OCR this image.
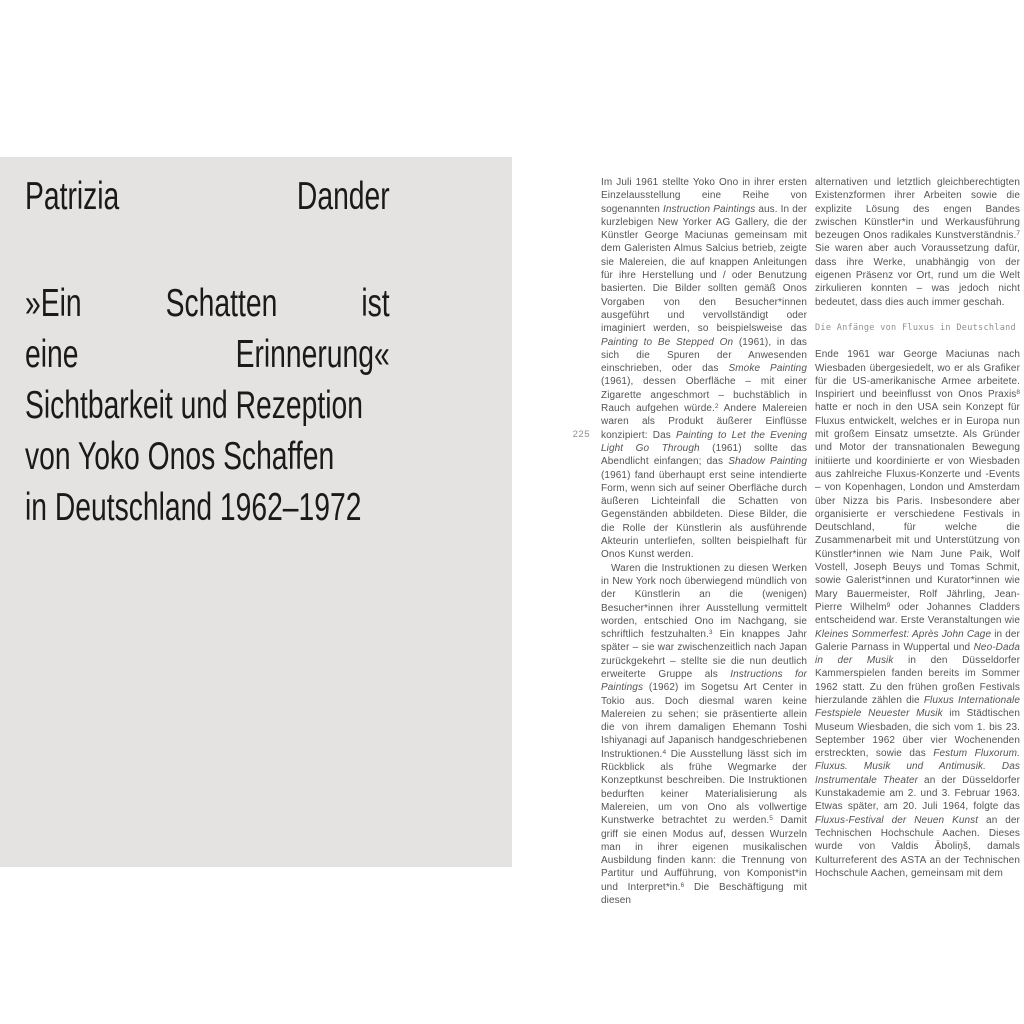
Patrizia	Dander
»Ein Schatten ist
eine	Erinnerung«
Sichtbarkeit und Rezeption
von Yoko Onos Schaffen
in Deutschland 1962–1972
225

Im Juli 1961 stellte Yoko Ono in ihrer ersten Einzelausstellung eine Reihe von sogenannten Instruction Paintings aus. In der kurzlebigen New Yorker AG Gallery, die der Künstler George Maciunas gemeinsam mit dem Galeristen Almus Salcius betrieb, zeigte sie Malereien, die auf knappen Anleitungen für ihre Herstellung und / oder Benutzung basierten. Die Bilder sollten gemäß Onos Vorgaben von den Besucher*innen ausgeführt und vervollständigt oder imaginiert werden, so beispielsweise das Painting to Be Stepped On (1961), in das sich die Spuren der Anwesenden einschrieben, oder das Smoke Painting (1961), dessen Oberfläche – mit einer Zigarette angeschmort – buchstäblich in Rauch aufgehen würde.$^2$ Andere Malereien waren als Produkt äußerer Einflüsse konzipiert: Das Painting to Let the Evening Light Go Through (1961) sollte das Abendlicht einfangen; das Shadow Painting (1961) fand überhaupt erst seine intendierte Form, wenn sich auf seiner Oberfläche durch äußeren Lichteinfall die Schatten von Gegenständen abbildeten. Diese Bilder, die die Rolle der Künstlerin als ausführende Akteurin unterliefen, sollten beispielhaft für Onos Kunst werden.

Waren die Instruktionen zu diesen Werken in New York noch überwiegend mündlich von der Künstlerin an die (wenigen) Besucher*innen ihrer Ausstellung vermittelt worden, entschied Ono im Nachgang, sie schriftlich festzuhalten.$^3$ Ein knappes Jahr später – sie war zwischenzeitlich nach Japan zurückgekehrt – stellte sie die nun deutlich erweiterte Gruppe als Instructions for Paintings (1962) im Sogetsu Art Center in Tokio aus. Doch diesmal waren keine Malereien zu sehen; sie präsentierte allein die von ihrem damaligen Ehemann Toshi Ishiyanagi auf Japanisch handgeschriebenen Instruktionen.$^4$ Die Ausstellung lässt sich im Rückblick als frühe Wegmarke der Konzeptkunst beschreiben. Die Instruktionen bedurften keiner Materialisierung als Malereien, um von Ono als vollwertige Kunstwerke betrachtet zu werden.$^5$ Damit griff sie einen Modus auf, dessen Wurzeln man in ihrer eigenen musikalischen Ausbildung finden kann: die Trennung von Partitur und Aufführung, von Komponist*in und Interpret*in.$^6$ Die Beschäftigung mit diesen

alternativen und letztlich gleichberechtigten Existenzformen ihrer Arbeiten sowie die explizite Lösung des engen Bandes zwischen Künstler*in und Werkausführung bezeugen Onos radikales Kunstverständnis.$^7$ Sie waren aber auch Voraussetzung dafür, dass ihre Werke, unabhängig von der eigenen Präsenz vor Ort, rund um die Welt zirkulieren konnten – was jedoch nicht bedeutet, dass dies auch immer geschah.

Die Anfänge von Fluxus in Deutschland

Ende 1961 war George Maciunas nach Wiesbaden übergesiedelt, wo er als Grafiker für die US-amerikanische Armee arbeitete. Inspiriert und beeinflusst von Onos Praxis$^8$ hatte er noch in den USA sein Konzept für Fluxus entwickelt, welches er in Europa nun mit großem Einsatz umsetzte. Als Gründer und Motor der transnationalen Bewegung initiierte und koordinierte er von Wiesbaden aus zahlreiche Fluxus-Konzerte und -Events – von Kopenhagen, London und Amsterdam über Nizza bis Paris. Insbesondere aber organisierte er verschiedene Festivals in Deutschland, für welche die Zusammenarbeit mit und Unterstützung von Künstler*innen wie Nam June Paik, Wolf Vostell, Joseph Beuys und Tomas Schmit, sowie Galerist*innen und Kurator*innen wie Mary Bauermeister, Rolf Jährling, Jean-Pierre Wilhelm$^9$ oder Johannes Cladders entscheidend war. Erste Veranstaltungen wie Kleines Sommerfest: Après John Cage in der Galerie Parnass in Wuppertal und Neo-Dada in der Musik in den Düsseldorfer Kammerspielen fanden bereits im Sommer 1962 statt. Zu den frühen großen Festivals hierzulande zählen die Fluxus Internationale Festspiele Neuester Musik im Städtischen Museum Wiesbaden, die sich vom 1. bis 23. September 1962 über vier Wochenenden erstreckten, sowie das Festum Fluxorum. Fluxus. Musik und Antimusik. Das Instrumentale Theater an der Düsseldorfer Kunstakademie am 2. und 3. Februar 1963. Etwas später, am 20. Juli 1964, folgte das Fluxus-Festival der Neuen Kunst an der Technischen Hochschule Aachen. Dieses wurde von Valdis Āboliņš, damals Kulturreferent des ASTA an der Technischen Hochschule Aachen, gemeinsam mit dem
